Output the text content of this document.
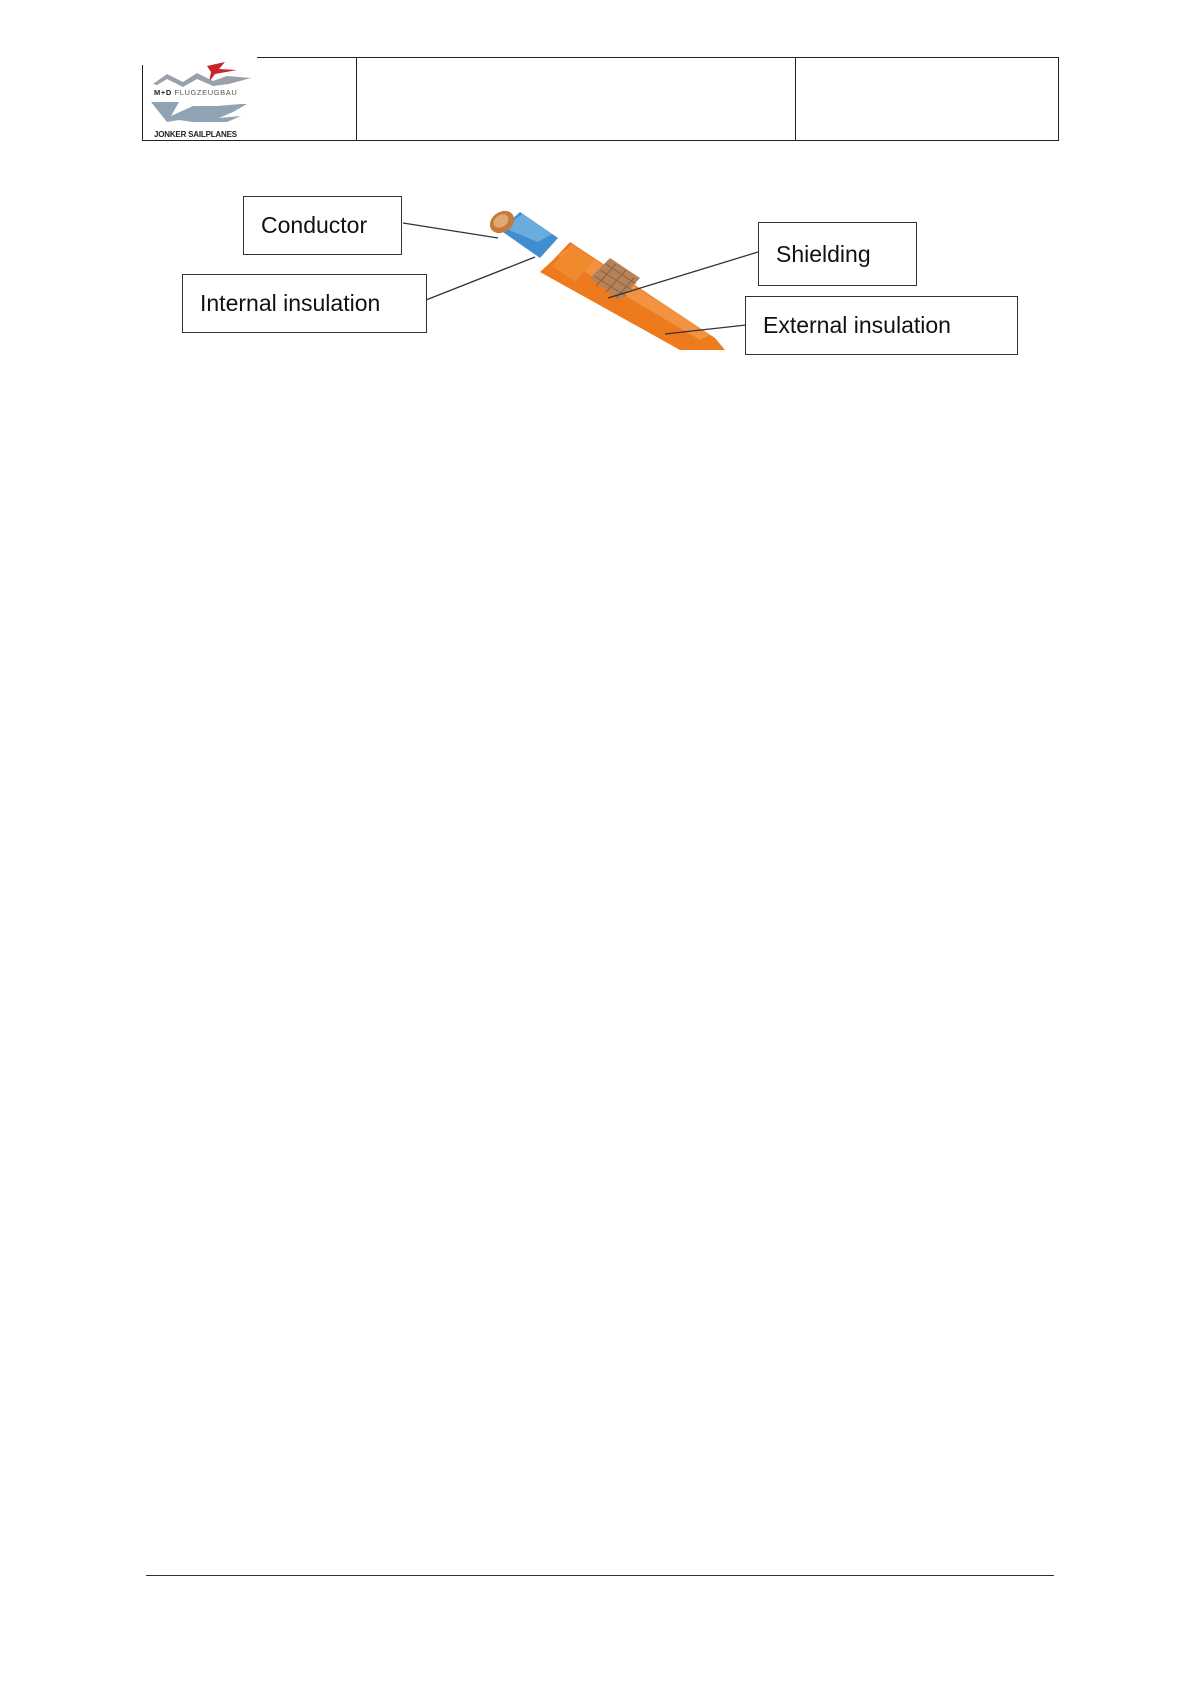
M+D FLUGZEUGBAU
JONKER SAILPLANES
Conductor
Internal insulation
Shielding
External insulation
